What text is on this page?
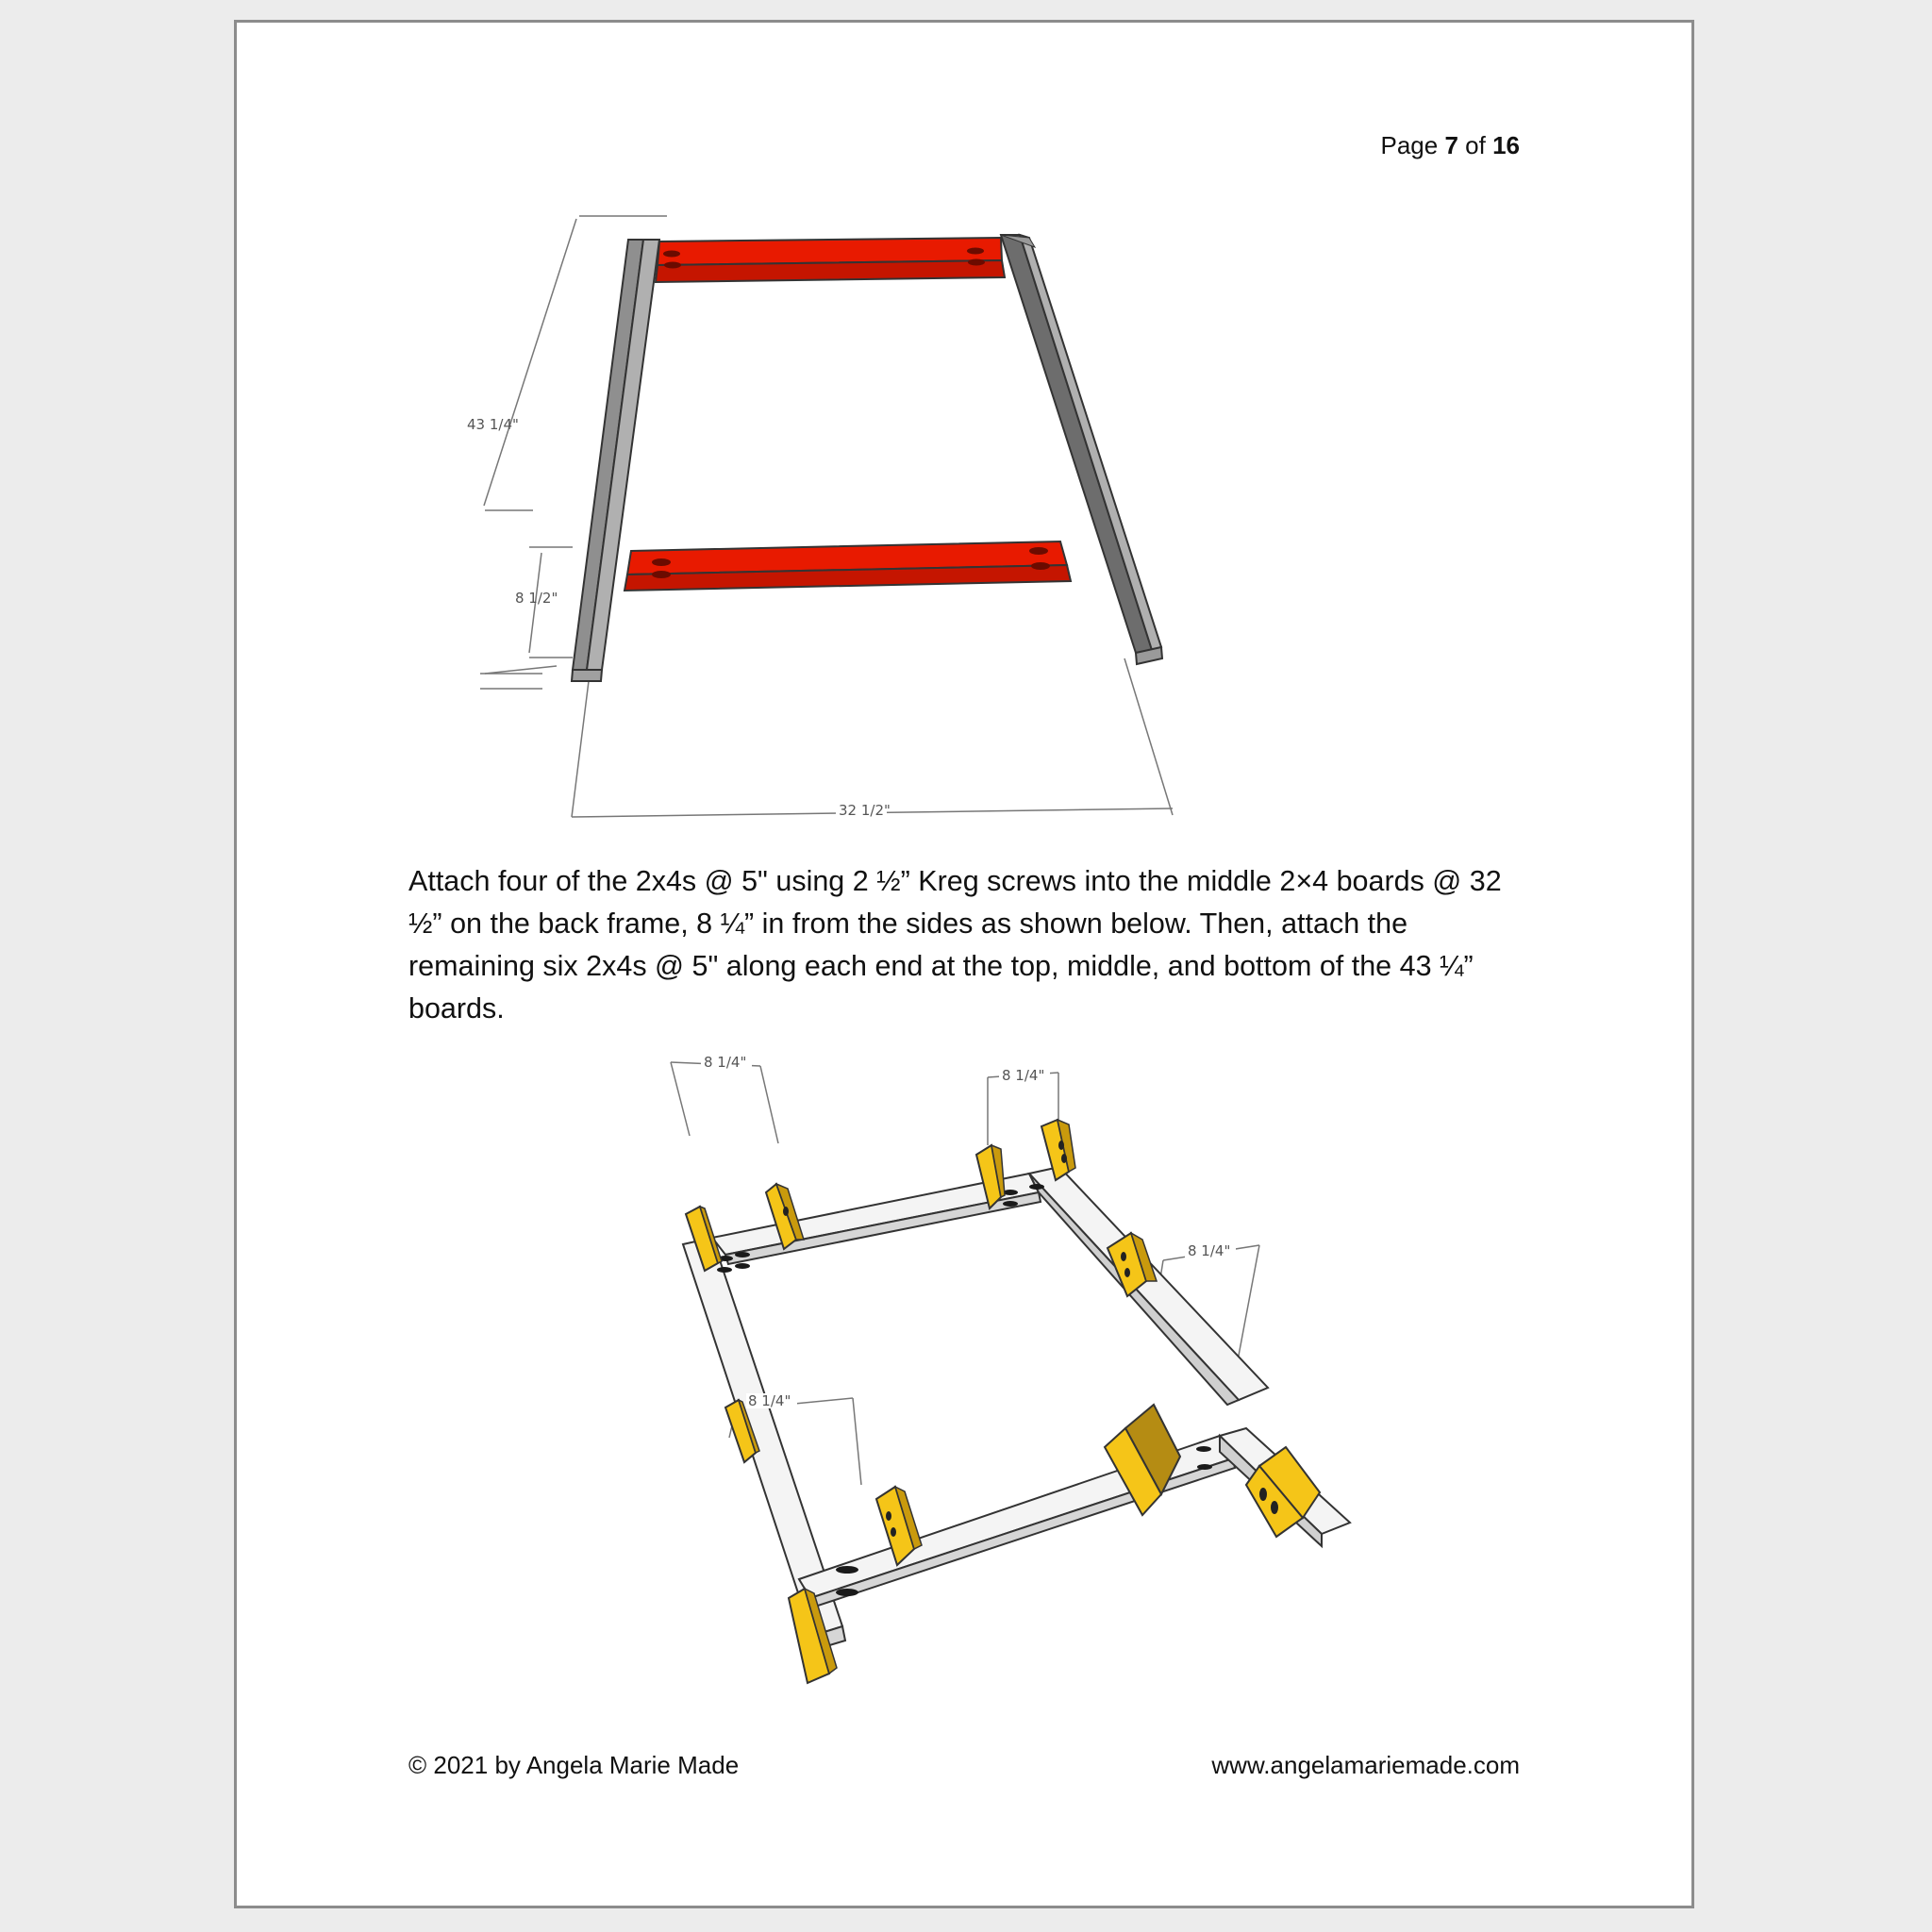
Page 7 of 16
43 1/4"
8 1/2"
32 1/2"
Attach four of the 2x4s @ 5" using 2 ½” Kreg screws into the middle 2×4 boards @ 32 ½” on the back frame, 8 ¼” in from the sides as shown below. Then, attach the remaining six 2x4s @ 5" along each end at the top, middle, and bottom of the 43 ¼” boards.
8 1/4"
8 1/4"
8 1/4"
8 1/4"
© 2021 by Angela Marie Made	www.angelamariemade.com
